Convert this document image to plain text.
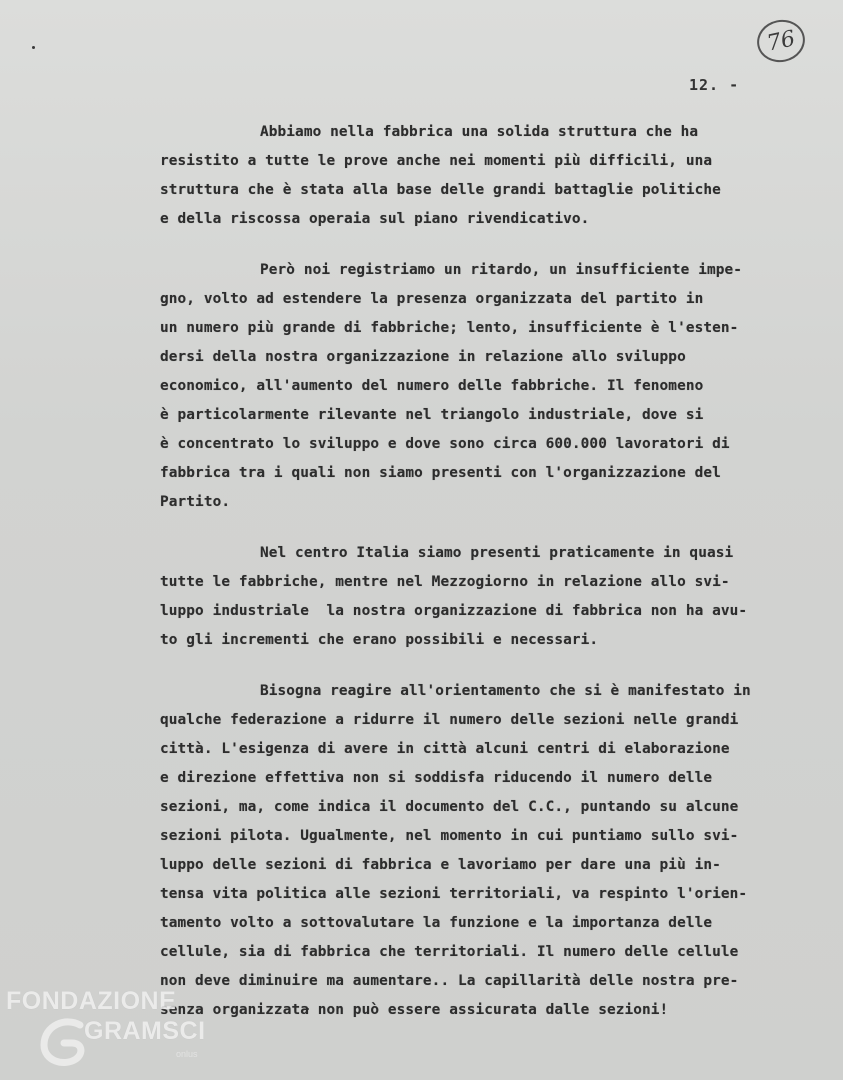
76
12. -
Abbiamo nella fabbrica una solida struttura che ha
resistito a tutte le prove anche nei momenti più difficili, una
struttura che è stata alla base delle grandi battaglie politiche
e della riscossa operaia sul piano rivendicativo.
Però noi registriamo un ritardo, un insufficiente impe-
gno, volto ad estendere la presenza organizzata del partito in
un numero più grande di fabbriche; lento, insufficiente è l'esten-
dersi della nostra organizzazione in relazione allo sviluppo
economico, all'aumento del numero delle fabbriche. Il fenomeno
è particolarmente rilevante nel triangolo industriale, dove si
è concentrato lo sviluppo e dove sono circa 600.000 lavoratori di
fabbrica tra i quali non siamo presenti con l'organizzazione del
Partito.
Nel centro Italia siamo presenti praticamente in quasi
tutte le fabbriche, mentre nel Mezzogiorno in relazione allo svi-
luppo industriale  la nostra organizzazione di fabbrica non ha avu-
to gli incrementi che erano possibili e necessari.
Bisogna reagire all'orientamento che si è manifestato in
qualche federazione a ridurre il numero delle sezioni nelle grandi
città. L'esigenza di avere in città alcuni centri di elaborazione
e direzione effettiva non si soddisfa riducendo il numero delle
sezioni, ma, come indica il documento del C.C., puntando su alcune
sezioni pilota. Ugualmente, nel momento in cui puntiamo sullo svi-
luppo delle sezioni di fabbrica e lavoriamo per dare una più in-
tensa vita politica alle sezioni territoriali, va respinto l'orien-
tamento volto a sottovalutare la funzione e la importanza delle
cellule, sia di fabbrica che territoriali. Il numero delle cellule
non deve diminuire ma aumentare.. La capillarità delle nostra pre-
senza organizzata non può essere assicurata dalle sezioni!
FONDAZIONE
GRAMSCI
onlus
